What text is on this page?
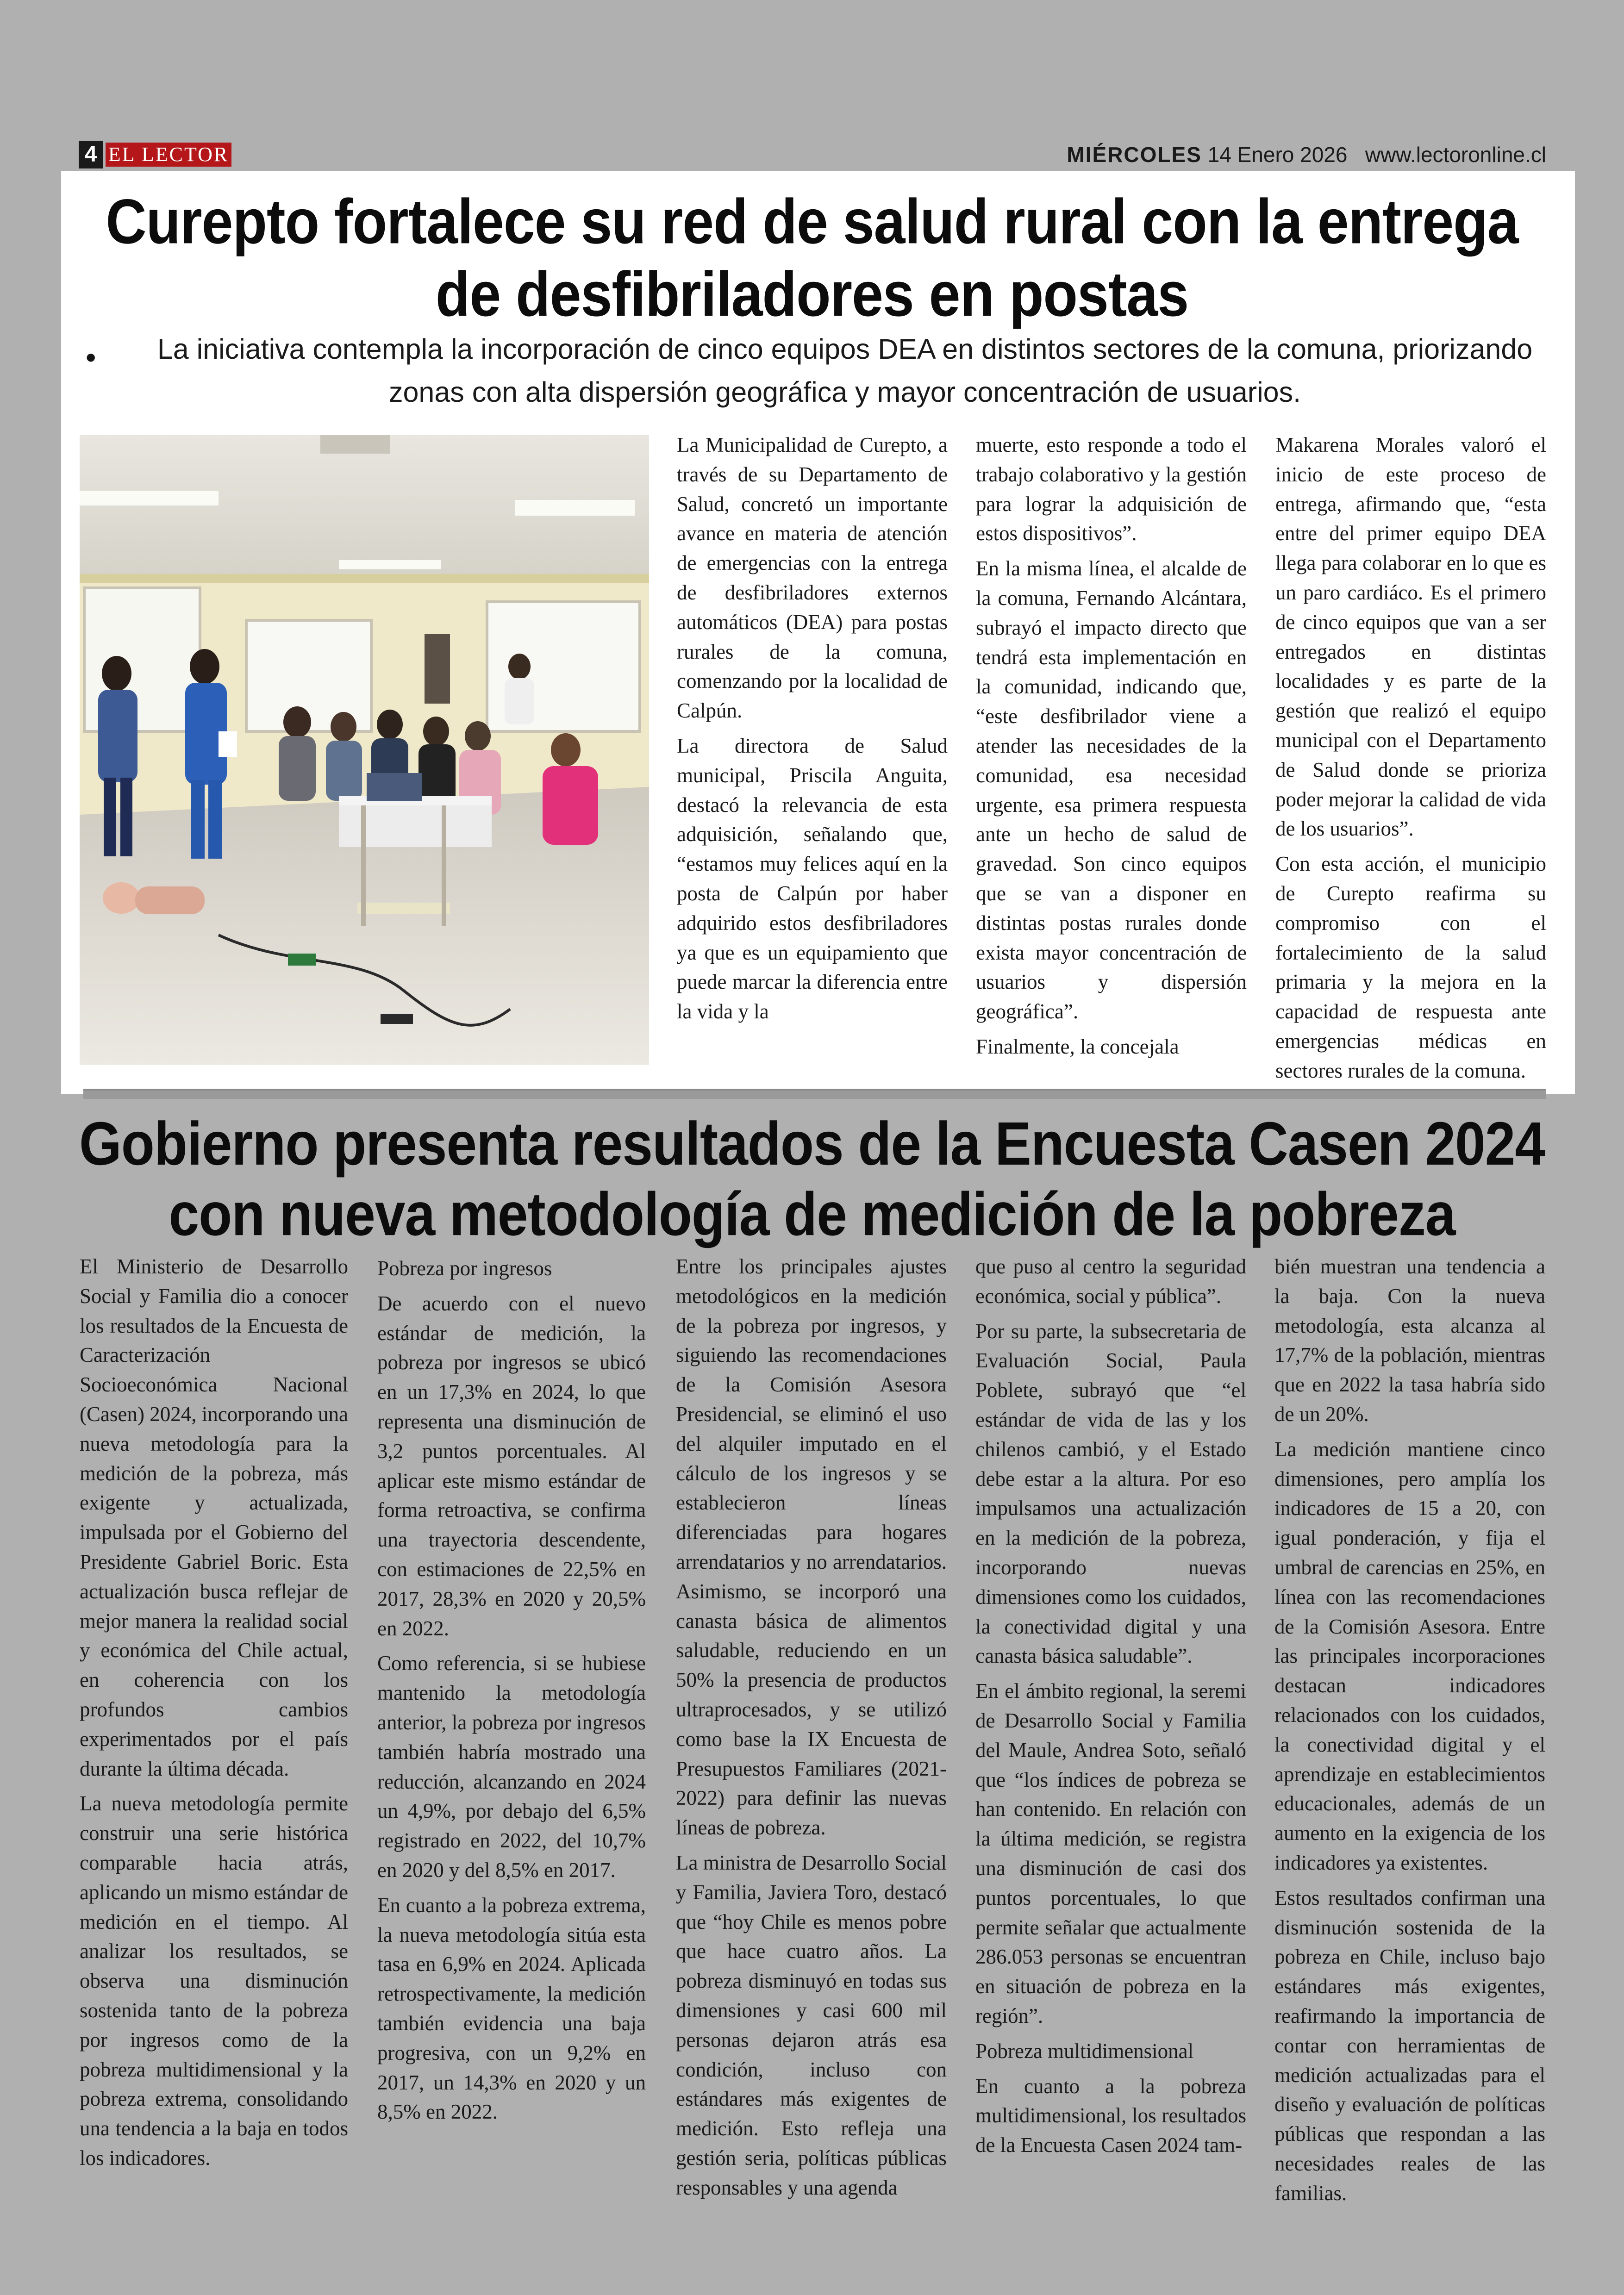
4 EL LECTOR	MIÉRCOLES 14 Enero 2026 www.lectoronline.cl
Curepto fortalece su red de salud rural con la entrega de desfibriladores en postas
•	La iniciativa contempla la incorporación de cinco equipos DEA en distintos sectores de la comuna, priorizando zonas con alta dispersión geográfica y mayor concentración de usuarios.

La Municipalidad de Curepto, a través de su Departamento de Salud, concretó un importante avance en materia de atención de emergencias con la entrega de desfibriladores externos automáticos (DEA) para postas rurales de la comuna, comenzando por la localidad de Calpún.

La directora de Salud municipal, Priscila Anguita, destacó la relevancia de esta adquisición, señalando que, “estamos muy felices aquí en la posta de Calpún por haber adquirido estos desfibriladores ya que es un equipamiento que puede marcar la diferencia entre la vida y la

muerte, esto responde a todo el trabajo colaborativo y la gestión para lograr la adquisición de estos dispositivos”.

En la misma línea, el alcalde de la comuna, Fernando Alcántara, subrayó el impacto directo que tendrá esta implementación en la comunidad, indicando que, “este desfibrilador viene a atender las necesidades de la comunidad, esa necesidad urgente, esa primera respuesta ante un hecho de salud de gravedad. Son cinco equipos que se van a disponer en distintas postas rurales donde exista mayor concentración de usuarios y dispersión geográfica”.

Finalmente, la concejala

Makarena Morales valoró el inicio de este proceso de entrega, afirmando que, “esta entre del primer equipo DEA llega para colaborar en lo que es un paro cardiáco. Es el primero de cinco equipos que van a ser entregados en distintas localidades y es parte de la gestión que realizó el equipo municipal con el Departamento de Salud donde se prioriza poder mejorar la calidad de vida de los usuarios”.

Con esta acción, el municipio de Curepto reafirma su compromiso con el fortalecimiento de la salud primaria y la mejora en la capacidad de respuesta ante emergencias médicas en sectores rurales de la comuna.

Gobierno presenta resultados de la Encuesta Casen 2024 con nueva metodología de medición de la pobreza

El Ministerio de Desarrollo Social y Familia dio a conocer los resultados de la Encuesta de Caracterización Socioeconómica Nacional (Casen) 2024, incorporando una nueva metodología para la medición de la pobreza, más exigente y actualizada, impulsada por el Gobierno del Presidente Gabriel Boric. Esta actualización busca reflejar de mejor manera la realidad social y económica del Chile actual, en coherencia con los profundos cambios experimentados por el país durante la última década.

La nueva metodología permite construir una serie histórica comparable hacia atrás, aplicando un mismo estándar de medición en el tiempo. Al analizar los resultados, se observa una disminución sostenida tanto de la pobreza por ingresos como de la pobreza multidimensional y la pobreza extrema, consolidando una tendencia a la baja en todos los indicadores.

Pobreza por ingresos

De acuerdo con el nuevo estándar de medición, la pobreza por ingresos se ubicó en un 17,3% en 2024, lo que representa una disminución de 3,2 puntos porcentuales. Al aplicar este mismo estándar de forma retroactiva, se confirma una trayectoria descendente, con estimaciones de 22,5% en 2017, 28,3% en 2020 y 20,5% en 2022.

Como referencia, si se hubiese mantenido la metodología anterior, la pobreza por ingresos también habría mostrado una reducción, alcanzando en 2024 un 4,9%, por debajo del 6,5% registrado en 2022, del 10,7% en 2020 y del 8,5% en 2017.

En cuanto a la pobreza extrema, la nueva metodología sitúa esta tasa en 6,9% en 2024. Aplicada retrospectivamente, la medición también evidencia una baja progresiva, con un 9,2% en 2017, un 14,3% en 2020 y un 8,5% en 2022.

Entre los principales ajustes metodológicos en la medición de la pobreza por ingresos, y siguiendo las recomendaciones de la Comisión Asesora Presidencial, se eliminó el uso del alquiler imputado en el cálculo de los ingresos y se establecieron líneas diferenciadas para hogares arrendatarios y no arrendatarios. Asimismo, se incorporó una canasta básica de alimentos saludable, reduciendo en un 50% la presencia de productos ultraprocesados, y se utilizó como base la IX Encuesta de Presupuestos Familiares (2021-2022) para definir las nuevas líneas de pobreza.

La ministra de Desarrollo Social y Familia, Javiera Toro, destacó que “hoy Chile es menos pobre que hace cuatro años. La pobreza disminuyó en todas sus dimensiones y casi 600 mil personas dejaron atrás esa condición, incluso con estándares más exigentes de medición. Esto refleja una gestión seria, políticas públicas responsables y una agenda

que puso al centro la seguridad económica, social y pública”.

Por su parte, la subsecretaria de Evaluación Social, Paula Poblete, subrayó que “el estándar de vida de las y los chilenos cambió, y el Estado debe estar a la altura. Por eso impulsamos una actualización en la medición de la pobreza, incorporando nuevas dimensiones como los cuidados, la conectividad digital y una canasta básica saludable”.

En el ámbito regional, la seremi de Desarrollo Social y Familia del Maule, Andrea Soto, señaló que “los índices de pobreza se han contenido. En relación con la última medición, se registra una disminución de casi dos puntos porcentuales, lo que permite señalar que actualmente 286.053 personas se encuentran en situación de pobreza en la región”.

Pobreza multidimensional

En cuanto a la pobreza multidimensional, los resultados de la Encuesta Casen 2024 tam-

bién muestran una tendencia a la baja. Con la nueva metodología, esta alcanza al 17,7% de la población, mientras que en 2022 la tasa habría sido de un 20%.

La medición mantiene cinco dimensiones, pero amplía los indicadores de 15 a 20, con igual ponderación, y fija el umbral de carencias en 25%, en línea con las recomendaciones de la Comisión Asesora. Entre las principales incorporaciones destacan indicadores relacionados con los cuidados, la conectividad digital y el aprendizaje en establecimientos educacionales, además de un aumento en la exigencia de los indicadores ya existentes.

Estos resultados confirman una disminución sostenida de la pobreza en Chile, incluso bajo estándares más exigentes, reafirmando la importancia de contar con herramientas de medición actualizadas para el diseño y evaluación de políticas públicas que respondan a las necesidades reales de las familias.
